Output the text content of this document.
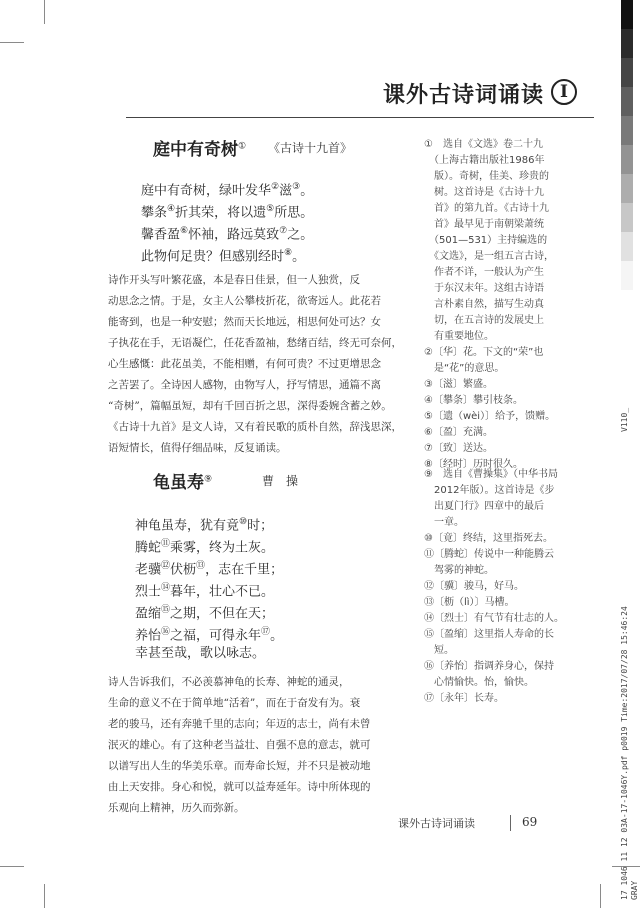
V110_
17 1046 11 12 03A-17-1046Y.pdf p0019 Time:2017/07/28 15:46:24 GRAY
课外古诗词诵读 I
庭中有奇树① 《古诗十九首》
庭中有奇树，绿叶发华②滋③。
攀条④折其荣，将以遗⑤所思。
馨香盈⑥怀袖，路远莫致⑦之。
此物何足贵？但感别经时⑧。
诗作开头写叶繁花盛，本是春日佳景，但一人独赏，反
动思念之情。于是，女主人公攀枝折花，欲寄远人。此花若
能寄到，也是一种安慰；然而天长地远，相思何处可达？女
子执花在手，无语凝伫，任花香盈袖，愁绪百结，终无可奈何，
心生感慨：此花虽美，不能相赠，有何可贵？不过更增思念
之苦罢了。全诗因人感物，由物写人，抒写情思，通篇不离
“奇树”，篇幅虽短，却有千回百折之思，深得委婉含蓄之妙。
《古诗十九首》是文人诗，又有着民歌的质朴自然，辞浅思深，
语短情长，值得仔细品味，反复诵读。
①　选自《文选》卷二十九
　（上海古籍出版社1986年
　版）。奇树，佳美、珍贵的
　树。这首诗是《古诗十九
　首》的第九首。《古诗十九
　首》最早见于南朝梁萧统
　（501—531）主持编选的
　《文选》，是一组五言古诗，
　作者不详，一般认为产生
　于东汉末年。这组古诗语
　言朴素自然，描写生动真
　切，在五言诗的发展史上
　有重要地位。
②〔华〕花。下文的“荣”也
　是“花”的意思。
③〔滋〕繁盛。
④〔攀条〕攀引枝条。
⑤〔遗（wèi）〕给予，馈赠。
⑥〔盈〕充满。
⑦〔致〕送达。
⑧〔经时〕历时很久。
龟虽寿⑨	曹　操
神龟虽寿，犹有竟⑩时；
腾蛇⑪乘雾，终为土灰。
老骥⑫伏枥⑬，志在千里；
烈士⑭暮年，壮心不已。
盈缩⑮之期，不但在天；
养怡⑯之福，可得永年⑰。
幸甚至哉，歌以咏志。
诗人告诉我们，不必羡慕神龟的长寿、神蛇的通灵，
生命的意义不在于简单地“活着”，而在于奋发有为。衰
老的骏马，还有奔驰千里的志向；年迈的志士，尚有未曾
泯灭的雄心。有了这种老当益壮、自强不息的意志，就可
以谱写出人生的华美乐章。而寿命长短，并不只是被动地
由上天安排。身心和悦，就可以益寿延年。诗中所体现的
乐观向上精神，历久而弥新。
⑨　选自《曹操集》（中华书局
　2012年版）。这首诗是《步
　出夏门行》四章中的最后
　一章。
⑩〔竟〕终结，这里指死去。
⑪〔腾蛇〕传说中一种能腾云
　驾雾的神蛇。
⑫〔骥〕骏马，好马。
⑬〔枥（lì）〕马槽。
⑭〔烈士〕有气节有壮志的人。
⑮〔盈缩〕这里指人寿命的长
　短。
⑯〔养怡〕指调养身心，保持
　心情愉快。怡，愉快。
⑰〔永年〕长寿。
课外古诗词诵读	69
